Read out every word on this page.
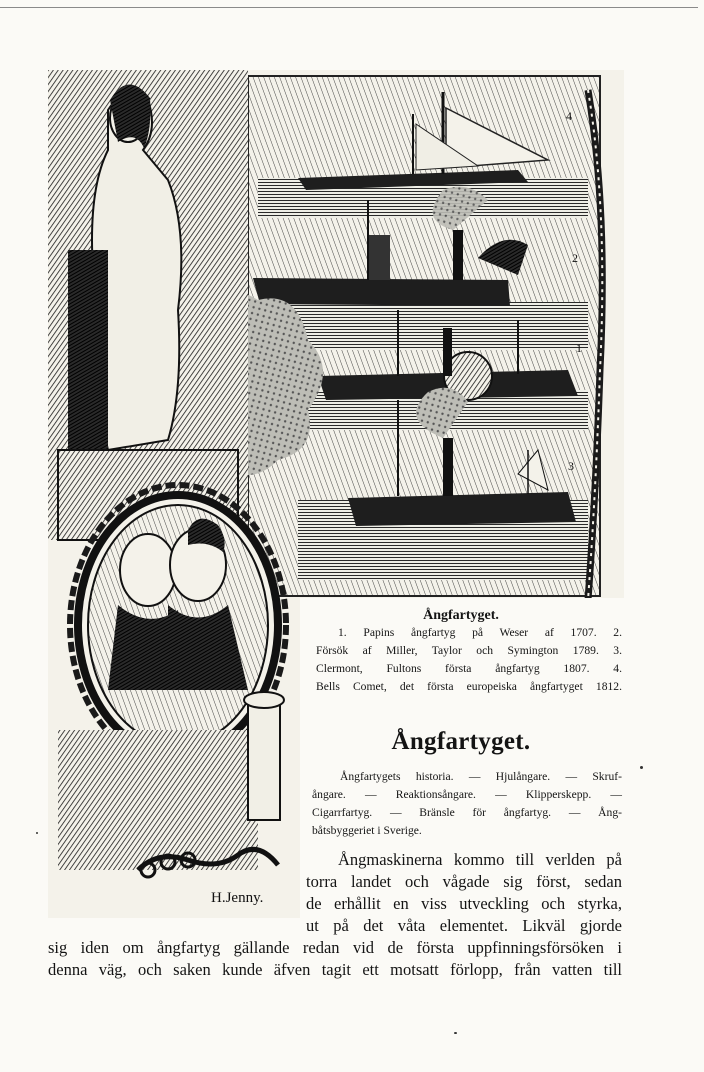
4
2
1
3
H.Jenny.
Ångfartyget.
1. Papins ångfartyg på Weser af 1707. 2.
Försök af Miller, Taylor och Symington 1789. 3.
Clermont, Fultons första ångfartyg 1807. 4.
Bells Comet, det första europeiska ångfartyget 1812.
Ångfartyget.
Ångfartygets historia. — Hjulångare. — Skruf-
ångare. — Reaktionsångare. — Klipperskepp. —
Cigarrfartyg. — Bränsle för ångfartyg. — Ång-
båtsbyggeriet i Sverige.
Ångmaskinerna kommo till verlden på
torra landet och vågade sig först, sedan
de erhållit en viss utveckling och styrka,
ut på det våta elementet. Likväl gjorde
sig iden om ångfartyg gällande redan vid de första uppfinningsförsöken i
denna väg, och saken kunde äfven tagit ett motsatt förlopp, från vatten till
